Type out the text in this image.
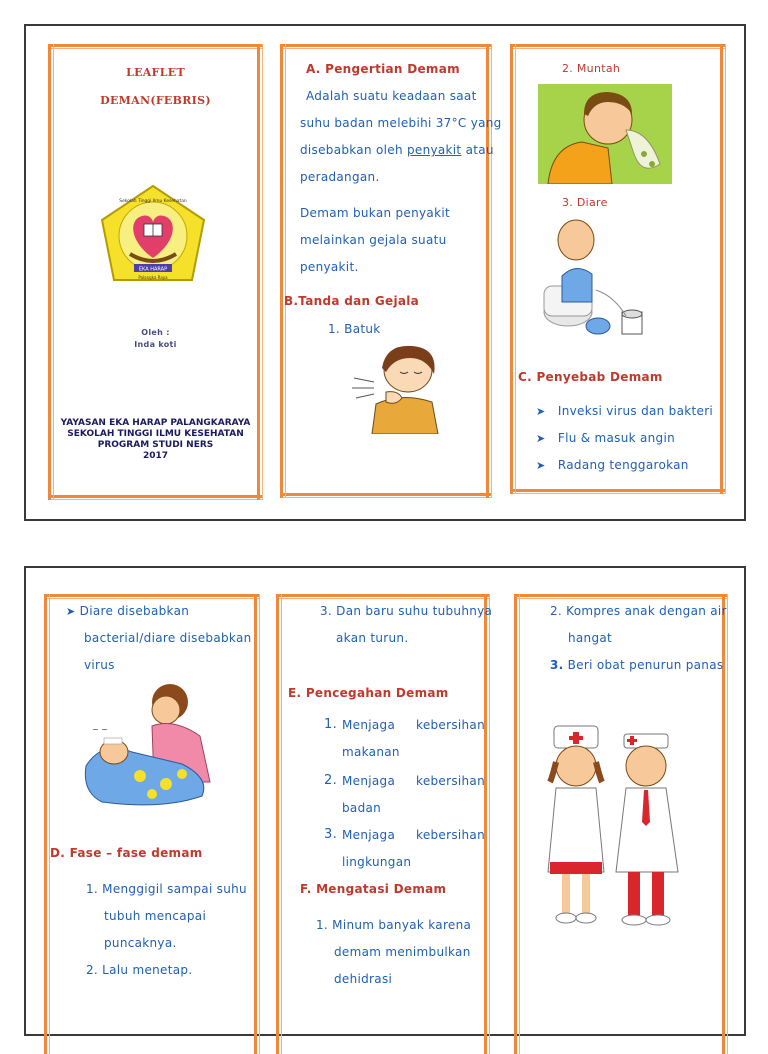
LEAFLET
DEMAN(FEBRIS)
EKA HARAP
Palangka Raya
Sekolah Tinggi Ilmu Kesehatan
Oleh :
Inda koti
YAYASAN EKA HARAP PALANGKARAYA
SEKOLAH TINGGI ILMU KESEHATAN
PROGRAM STUDI NERS
2017
A. Pengertian Demam
Adalah suatu keadaan saat
suhu badan melebihi 37°C yang
disebabkan oleh penyakit atau
peradangan.
Demam bukan penyakit
melainkan gejala suatu
penyakit.
B.Tanda dan Gejala
1. Batuk
2. Muntah
3. Diare
C. Penyebab Demam
➤ Inveksi virus dan bakteri
➤ Flu & masuk angin
➤ Radang tenggarokan
➤ Diare disebabkan
bacterial/diare disebabkan
virus
~ ~
D. Fase – fase demam
1. Menggigil sampai suhu
tubuh mencapai
puncaknya.
2. Lalu menetap.
3. Dan baru suhu tubuhnya
akan turun.
E. Pencegahan Demam
1. Menjaga kebersihan
makanan
2. Menjaga kebersihan
badan
3. Menjaga kebersihan
lingkungan
F. Mengatasi Demam
1. Minum banyak karena
demam menimbulkan
dehidrasi
2. Kompres anak dengan air
hangat
3. Beri obat penurun panas
